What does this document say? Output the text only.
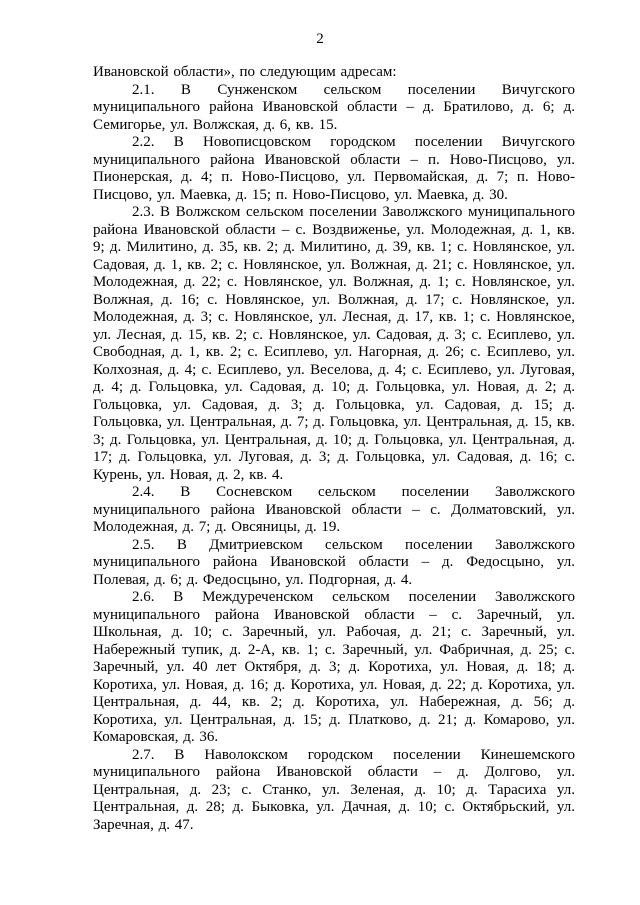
2

Ивановской области», по следующим адресам:

2.1. В Сунженском сельском поселении Вичугского муниципального района Ивановской области – д. Братилово, д. 6; д. Семигорье, ул. Волжская, д. 6, кв. 15.

2.2. В Новописцовском городском поселении Вичугского муниципального района Ивановской области – п. Ново-Писцово, ул. Пионерская, д. 4; п. Ново-Писцово, ул. Первомайская, д. 7; п. Ново-Писцово, ул. Маевка, д. 15; п. Ново-Писцово, ул. Маевка, д. 30.

2.3. В Волжском сельском поселении Заволжского муниципального района Ивановской области – с. Воздвиженье, ул. Молодежная, д. 1, кв. 9; д. Милитино, д. 35, кв. 2; д. Милитино, д. 39, кв. 1; с. Новлянское, ул. Садовая, д. 1, кв. 2; с. Новлянское, ул. Волжная, д. 21; с. Новлянское, ул. Молодежная, д. 22; с. Новлянское, ул. Волжная, д. 1; с. Новлянское, ул. Волжная, д. 16; с. Новлянское, ул. Волжная, д. 17; с. Новлянское, ул. Молодежная, д. 3; с. Новлянское, ул. Лесная, д. 17, кв. 1; с. Новлянское, ул. Лесная, д. 15, кв. 2; с. Новлянское, ул. Садовая, д. 3; с. Есиплево, ул. Свободная, д. 1, кв. 2; с. Есиплево, ул. Нагорная, д. 26; с. Есиплево, ул. Колхозная, д. 4; с. Есиплево, ул. Веселова, д. 4; с. Есиплево, ул. Луговая, д. 4; д. Гольцовка, ул. Садовая, д. 10; д. Гольцовка, ул. Новая, д. 2; д. Гольцовка, ул. Садовая, д. 3; д. Гольцовка, ул. Садовая, д. 15; д. Гольцовка, ул. Центральная, д. 7; д. Гольцовка, ул. Центральная, д. 15, кв. 3; д. Гольцовка, ул. Центральная, д. 10; д. Гольцовка, ул. Центральная, д. 17; д. Гольцовка, ул. Луговая, д. 3; д. Гольцовка, ул. Садовая, д. 16; с. Курень, ул. Новая, д. 2, кв. 4.

2.4. В Сосневском сельском поселении Заволжского муниципального района Ивановской области – с. Долматовский, ул. Молодежная, д. 7; д. Овсяницы, д. 19.

2.5. В Дмитриевском сельском поселении Заволжского муниципального района Ивановской области – д. Федосцыно, ул. Полевая, д. 6; д. Федосцыно, ул. Подгорная, д. 4.

2.6. В Междуреченском сельском поселении Заволжского муниципального района Ивановской области – с. Заречный, ул. Школьная, д. 10; с. Заречный, ул. Рабочая, д. 21; с. Заречный, ул. Набережный тупик, д. 2-А, кв. 1; с. Заречный, ул. Фабричная, д. 25; с. Заречный, ул. 40 лет Октября, д. 3; д. Коротиха, ул. Новая, д. 18; д. Коротиха, ул. Новая, д. 16; д. Коротиха, ул. Новая, д. 22; д. Коротиха, ул. Центральная, д. 44, кв. 2; д. Коротиха, ул. Набережная, д. 56; д. Коротиха, ул. Центральная, д. 15; д. Платково, д. 21; д. Комарово, ул. Комаровская, д. 36.

2.7. В Наволокском городском поселении Кинешемского муниципального района Ивановской области – д. Долгово, ул. Центральная, д. 23; с. Станко, ул. Зеленая, д. 10; д. Тарасиха ул. Центральная, д. 28; д. Быковка, ул. Дачная, д. 10; с. Октябрьский, ул. Заречная, д. 47.
